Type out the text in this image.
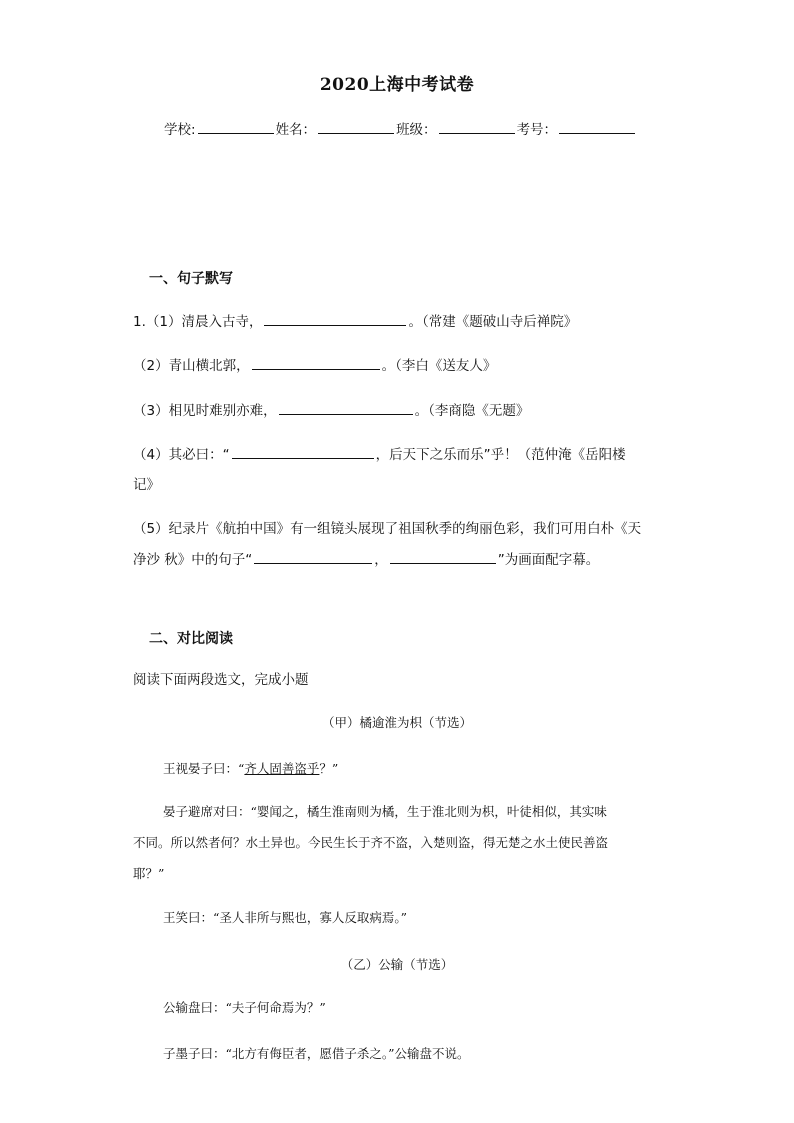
2020上海中考试卷
学校:	姓名：	班级：	考号：
一、句子默写
1.（1）清晨入古寺，	。（常建《题破山寺后禅院》
（2）青山横北郭，	。（李白《送友人》
（3）相见时难别亦难，	。（李商隐《无题》
（4）其必曰：“	，后天下之乐而乐”乎！（范仲淹《岳阳楼
记》
（5）纪录片《航拍中国》有一组镜头展现了祖国秋季的绚丽色彩，我们可用白朴《天
净沙 秋》中的句子“	，	”为画面配字幕。
二、对比阅读
阅读下面两段选文，完成小题
（甲）橘逾淮为枳（节选）
王视晏子曰：“齐人固善盗乎？”
晏子避席对曰：“婴闻之，橘生淮南则为橘，生于淮北则为枳，叶徒相似，其实味
不同。所以然者何？水土异也。今民生长于齐不盗，入楚则盗，得无楚之水土使民善盗
耶？”
王笑曰：“圣人非所与熙也，寡人反取病焉。”
（乙）公输（节选）
公输盘曰：“夫子何命焉为？”
子墨子曰：“北方有侮臣者，愿借子杀之。”公输盘不说。
